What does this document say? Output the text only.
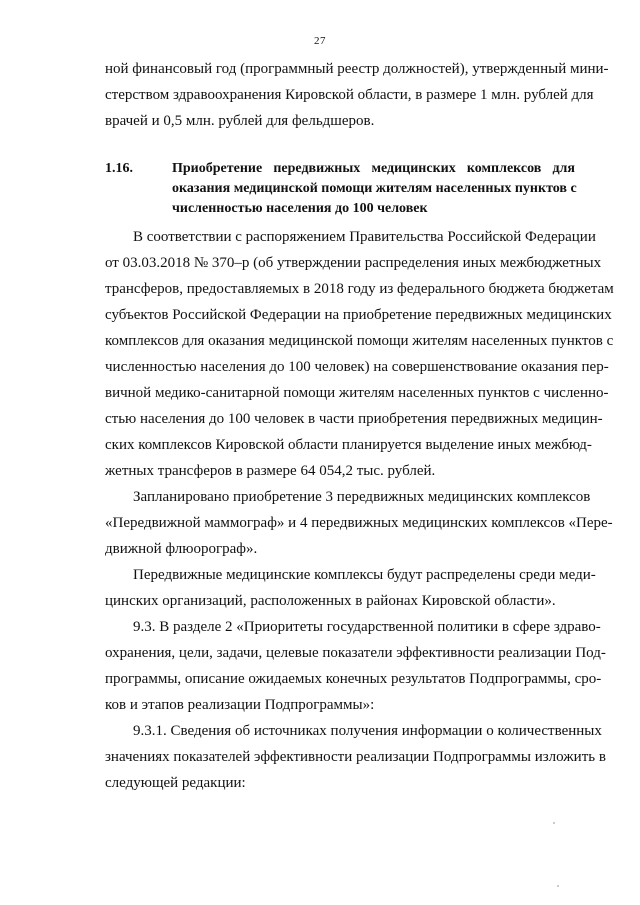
27
ной финансовый год (программный реестр должностей), утвержденный мини-
стерством здравоохранения Кировской области, в размере 1 млн. рублей для
врачей и 0,5 млн. рублей для фельдшеров.
1.16.	Приобретение передвижных медицинских комплексов для
оказания медицинской помощи жителям населенных пунктов с
численностью населения до 100 человек
В соответствии с распоряжением Правительства Российской Федерации
от 03.03.2018 № 370–р (об утверждении распределения иных межбюджетных
трансферов, предоставляемых в 2018 году из федерального бюджета бюджетам
субъектов Российской Федерации на приобретение передвижных медицинских
комплексов для оказания медицинской помощи жителям населенных пунктов с
численностью населения до 100 человек) на совершенствование оказания пер-
вичной медико-санитарной помощи жителям населенных пунктов с численно-
стью населения до 100 человек в части приобретения передвижных медицин-
ских комплексов Кировской области планируется выделение иных межбюд-
жетных трансферов в размере 64 054,2 тыс. рублей.
Запланировано приобретение 3 передвижных медицинских комплексов
«Передвижной маммограф» и 4 передвижных медицинских комплексов «Пере-
движной флюорограф».
Передвижные медицинские комплексы будут распределены среди меди-
цинских организаций, расположенных в районах Кировской области».
9.3. В разделе 2 «Приоритеты государственной политики в сфере здраво-
охранения, цели, задачи, целевые показатели эффективности реализации Под-
программы, описание ожидаемых конечных результатов Подпрограммы, сро-
ков и этапов реализации Подпрограммы»:
9.3.1. Сведения об источниках получения информации о количественных
значениях показателей эффективности реализации Подпрограммы изложить в
следующей редакции:
